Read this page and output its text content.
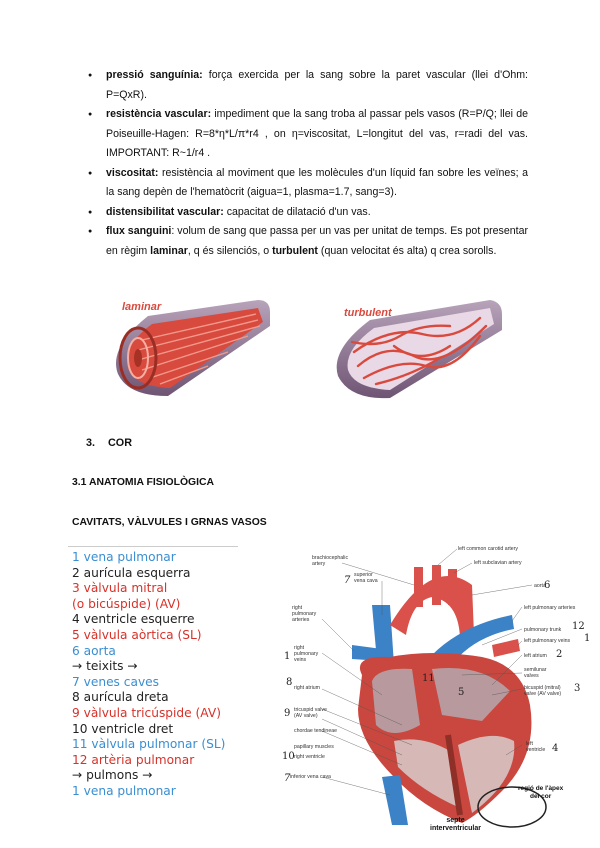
● pressió sanguínia: força exercida per la sang sobre la paret vascular (llei d'Ohm: P=QxR).
● resistència vascular: impediment que la sang troba al passar pels vasos (R=P/Q; llei de Poiseuille-Hagen: R=8*η*L/π*r4 , on η=viscositat, L=longitut del vas, r=radi del vas. IMPORTANT: R~1/r4 .
● viscositat: resistència al moviment que les molècules d'un líquid fan sobre les veïnes; a la sang depèn de l'hematòcrit (aigua=1, plasma=1.7, sang=3).
● distensibilitat vascular: capacitat de dilatació d'un vas.
● flux sanguini: volum de sang que passa per un vas per unitat de temps. Es pot presentar en règim laminar, q és silenciós, o turbulent (quan velocitat és alta) q crea sorolls.
laminar	turbulent
3. COR
3.1 ANATOMIA FISIOLÒGICA
CAVITATS, VÀLVULES I GRNAS VASOS
1 vena pulmonar
2 aurícula esquerra
3 vàlvula mitral
(o bicúspide) (AV)
4 ventricle esquerre
5 vàlvula aòrtica (SL)
6 aorta
→ teixits →
7 venes caves
8 aurícula dreta
9 vàlvula tricúspide (AV)
10 ventricle dret
11 vàlvula pulmonar (SL)
12 artèria pulmonar
→ pulmons →
1 vena pulmonar
brachiocephalic
artery
superior
vena cava
left common carotid artery
left subclavian artery
aorta
right
pulmonary
arteries
left pulmonary arteries
pulmonary trunk
left pulmonary veins
right
pulmonary
veins
left atrium
semilunar
valves
right atrium	bicuspid (mitral)
valve (AV valve)
tricuspid valve
(AV valve)
chordae tendineae
papillary muscles
right ventricle
left
ventricle
inferior vena cava
regió de l'àpex
del cor
septe
interventricular
7	6
12
1
1	2
11
8
5	3
9
4
10
7
